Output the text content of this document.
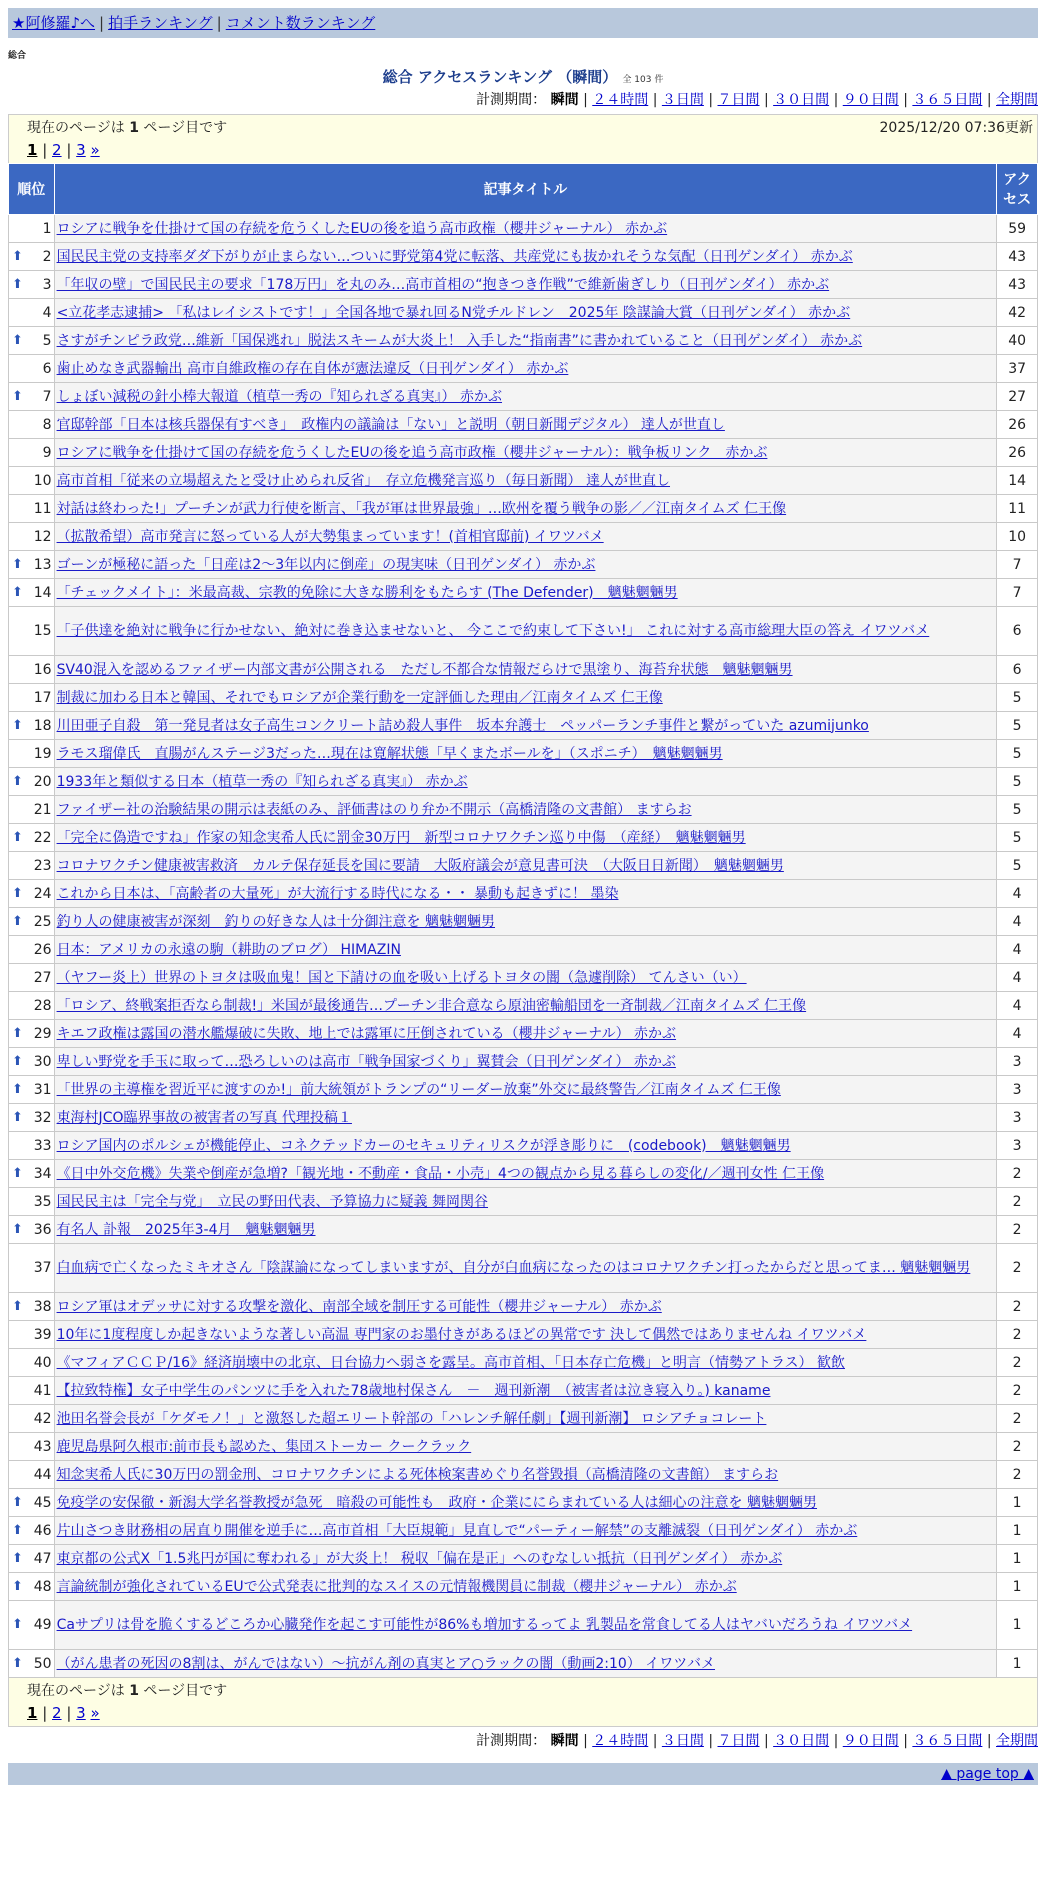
★阿修羅♪へ | 拍手ランキング | コメント数ランキング
総合
総合 アクセスランキング （瞬間） 全 103 件
計測期間： 瞬間 | ２４時間 | ３日間 | ７日間 | ３０日間 | ９０日間 | ３６５日間 | 全期間
現在のページは 1 ページ目です	2025/12/20 07:36更新
1 | 2 | 3 »
順位	記事タイトル	アクセス
1	ロシアに戦争を仕掛けて国の存続を危うくしたEUの後を追う高市政権（櫻井ジャーナル） 赤かぶ	59

⬆ 2	国民民主党の支持率ダダ下がりが止まらない…ついに野党第4党に転落、共産党にも抜かれそうな気配（日刊ゲンダイ） 赤かぶ	43

⬆ 3	「年収の壁」で国民民主の要求「178万円」を丸のみ…高市首相の“抱きつき作戦”で維新歯ぎしり（日刊ゲンダイ） 赤かぶ	43
4	<立花孝志逮捕> 「私はレイシストです！」全国各地で暴れ回るN党チルドレン　2025年 陰謀論大賞（日刊ゲンダイ） 赤かぶ	42

⬆ 5	さすがチンピラ政党…維新「国保逃れ」脱法スキームが大炎上！ 入手した“指南書”に書かれていること（日刊ゲンダイ） 赤かぶ	40
6	歯止めなき武器輸出 高市自維政権の存在自体が憲法違反（日刊ゲンダイ） 赤かぶ	37

⬆ 7	しょぼい減税の針小棒大報道（植草一秀の『知られざる真実』） 赤かぶ	27
8	官邸幹部「日本は核兵器保有すべき」　政権内の議論は「ない」と説明（朝日新聞デジタル） 達人が世直し	26
9	ロシアに戦争を仕掛けて国の存続を危うくしたEUの後を追う高市政権（櫻井ジャーナル）：戦争板リンク　赤かぶ	26
10	高市首相「従来の立場超えたと受け止められ反省」　存立危機発言巡り（毎日新聞） 達人が世直し	14
11	対話は終わった!」プーチンが武力行使を断言、「我が軍は世界最強」…欧州を覆う戦争の影／／江南タイムズ 仁王像	11
12	（拡散希望）高市発言に怒っている人が大勢集まっています！(首相官邸前) イワツバメ	10

⬆ 13	ゴーンが極秘に語った「日産は2～3年以内に倒産」の現実味（日刊ゲンダイ） 赤かぶ	7

⬆ 14	「チェックメイト」：米最高裁、宗教的免除に大きな勝利をもたらす (The Defender)　魑魅魍魎男	7
15	「子供達を絶対に戦争に行かせない、絶対に巻き込ませないと、 今ここで約束して下さい!」 これに対する高市総理大臣の答え イワツバメ	6
16	SV40混入を認めるファイザー内部文書が公開される　ただし不都合な情報だらけで黒塗り、海苔弁状態　魑魅魍魎男	6
17	制裁に加わる日本と韓国、それでもロシアが企業行動を一定評価した理由／江南タイムズ 仁王像	5

⬆ 18	川田亜子自殺　第一発見者は女子高生コンクリート詰め殺人事件　坂本弁護士　ペッパーランチ事件と繋がっていた azumijunko	5
19	ラモス瑠偉氏　直腸がんステージ3だった…現在は寛解状態「早くまたボールを」（スポニチ）　魑魅魍魎男	5

⬆ 20	1933年と類似する日本（植草一秀の『知られざる真実』） 赤かぶ	5
21	ファイザー社の治験結果の開示は表紙のみ、評価書はのり弁か不開示（高橋清隆の文書館） ますらお	5

⬆ 22	「完全に偽造ですね」作家の知念実希人氏に罰金30万円　新型コロナワクチン巡り中傷　（産経）　魑魅魍魎男	5
23	コロナワクチン健康被害救済　カルテ保存延長を国に要請　大阪府議会が意見書可決　（大阪日日新聞）　魑魅魍魎男	5

⬆ 24	これから日本は、「高齢者の大量死」が大流行する時代になる・・ 暴動も起きずに！ 墨染	4

⬆ 25	釣り人の健康被害が深刻　釣りの好きな人は十分御注意を 魑魅魍魎男	4
26	日本：アメリカの永遠の駒（耕助のブログ） HIMAZIN	4
27	（ヤフー炎上）世界のトヨタは吸血鬼！国と下請けの血を吸い上げるトヨタの闇（急遽削除） てんさい（い）	4
28	「ロシア、終戦案拒否なら制裁!」米国が最後通告…プーチン非合意なら原油密輸船団を一斉制裁／江南タイムズ 仁王像	4

⬆ 29	キエフ政権は露国の潜水艦爆破に失敗、地上では露軍に圧倒されている（櫻井ジャーナル） 赤かぶ	4

⬆ 30	卑しい野党を手玉に取って…恐ろしいのは高市「戦争国家づくり」翼賛会（日刊ゲンダイ） 赤かぶ	3

⬆ 31	「世界の主導権を習近平に渡すのか!」前大統領がトランプの“リーダー放棄”外交に最終警告／江南タイムズ 仁王像	3

⬆ 32	東海村JCO臨界事故の被害者の写真 代理投稿１	3
33	ロシア国内のポルシェが機能停止、コネクテッドカーのセキュリティリスクが浮き彫りに　(codebook)　魑魅魍魎男	3

⬆ 34	《日中外交危機》失業や倒産が急増?「観光地・不動産・食品・小売」4つの観点から見る暮らしの変化/／週刊女性 仁王像	2
35	国民民主は「完全与党」　立民の野田代表、予算協力に疑義 舞岡関谷	2

⬆ 36	有名人 訃報　2025年3-4月　魑魅魍魎男	2
37	白血病で亡くなったミキオさん「陰謀論になってしまいますが、自分が白血病になったのはコロナワクチン打ったからだと思ってま… 魑魅魍魎男	2

⬆ 38	ロシア軍はオデッサに対する攻撃を激化、南部全域を制圧する可能性（櫻井ジャーナル） 赤かぶ	2
39	10年に1度程度しか起きないような著しい高温 専門家のお墨付きがあるほどの異常です 決して偶然ではありませんね イワツバメ	2
40	《マフィアＣＣＰ/16》経済崩壊中の北京、日台協力へ弱さを露呈。高市首相、「日本存亡危機」と明言（情勢アトラス） 歓飲	2
41	【拉致特権】女子中学生のパンツに手を入れた78歳地村保さん　－　週刊新潮　（被害者は泣き寝入り。) kaname	2
42	池田名誉会長が「ケダモノ！」と激怒した超エリート幹部の「ハレンチ解任劇」【週刊新潮】 ロシアチョコレート	2
43	鹿児島県阿久根市:前市長も認めた、集団ストーカー クークラック	2
44	知念実希人氏に30万円の罰金刑、コロナワクチンによる死体検案書めぐり名誉毀損（高橋清隆の文書館） ますらお	2

⬆ 45	免疫学の安保徹・新潟大学名誉教授が急死　暗殺の可能性も　政府・企業ににらまれている人は細心の注意を 魑魅魍魎男	1

⬆ 46	片山さつき財務相の居直り開催を逆手に…高市首相「大臣規範」見直しで“パーティー解禁”の支離滅裂（日刊ゲンダイ） 赤かぶ	1

⬆ 47	東京都の公式X「1.5兆円が国に奪われる」が大炎上！ 税収「偏在是正」へのむなしい抵抗（日刊ゲンダイ） 赤かぶ	1

⬆ 48	言論統制が強化されているEUで公式発表に批判的なスイスの元情報機関員に制裁（櫻井ジャーナル） 赤かぶ	1

⬆ 49	Caサプリは骨を脆くするどころか心臓発作を起こす可能性が86%も増加するってよ 乳製品を常食してる人はヤバいだろうね イワツバメ	1

⬆ 50	（がん患者の死因の8割は、がんではない）～抗がん剤の真実とア○ラックの闇（動画2:10） イワツバメ	1
現在のページは 1 ページ目です
1 | 2 | 3 »
計測期間： 瞬間 | ２４時間 | ３日間 | ７日間 | ３０日間 | ９０日間 | ３６５日間 | 全期間
▲ page top ▲
